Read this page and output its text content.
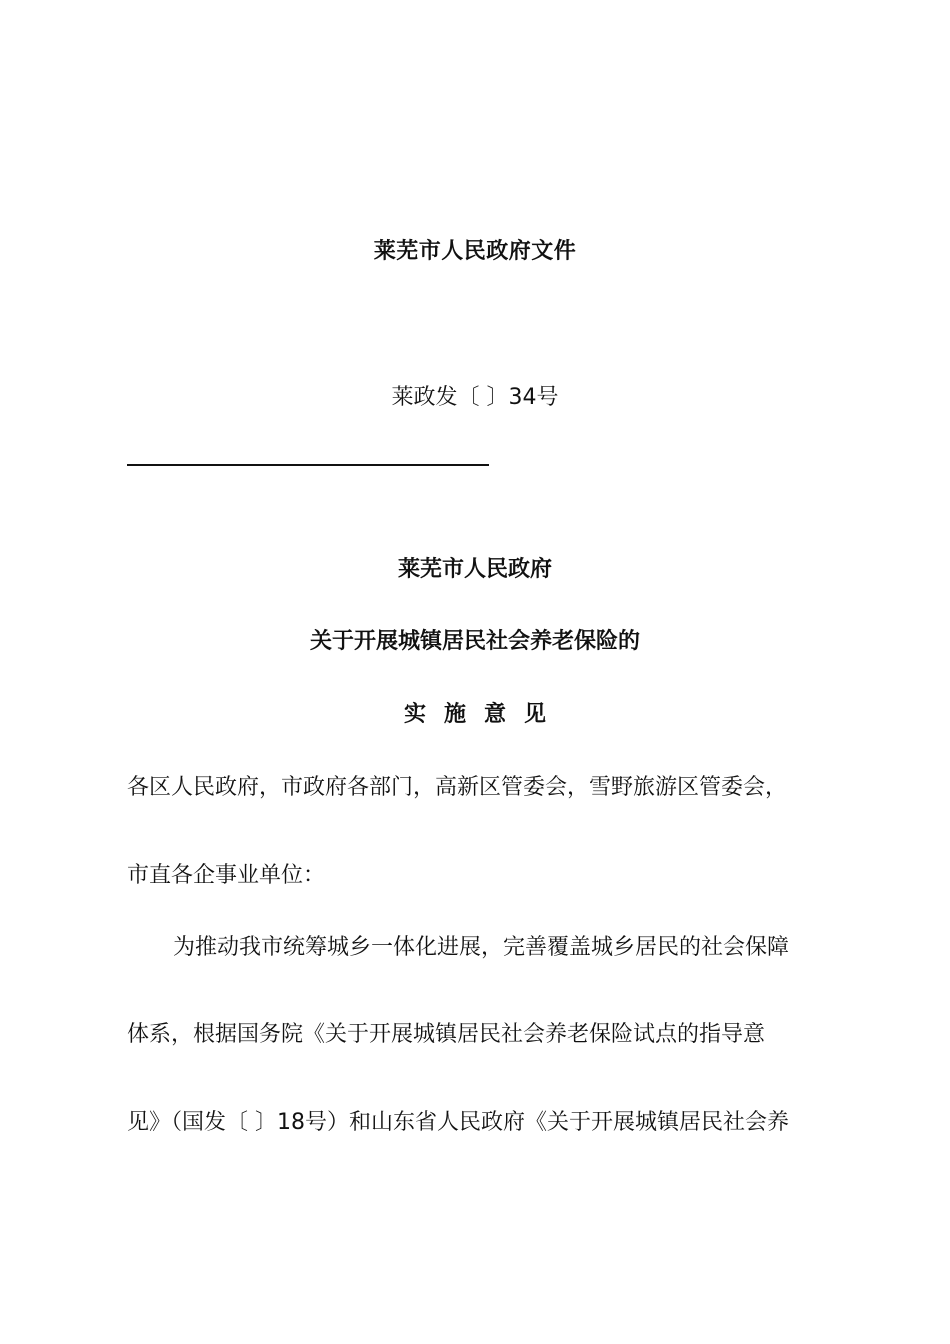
莱芜市人民政府文件
莱政发〔 〕34号
莱芜市人民政府
关于开展城镇居民社会养老保险的
实施意见
各区人民政府，市政府各部门，高新区管委会，雪野旅游区管委会，
市直各企事业单位：
为推动我市统筹城乡一体化进展，完善覆盖城乡居民的社会保障
体系，根据国务院《关于开展城镇居民社会养老保险试点的指导意
见》（国发〔 〕18号）和山东省人民政府《关于开展城镇居民社会养
